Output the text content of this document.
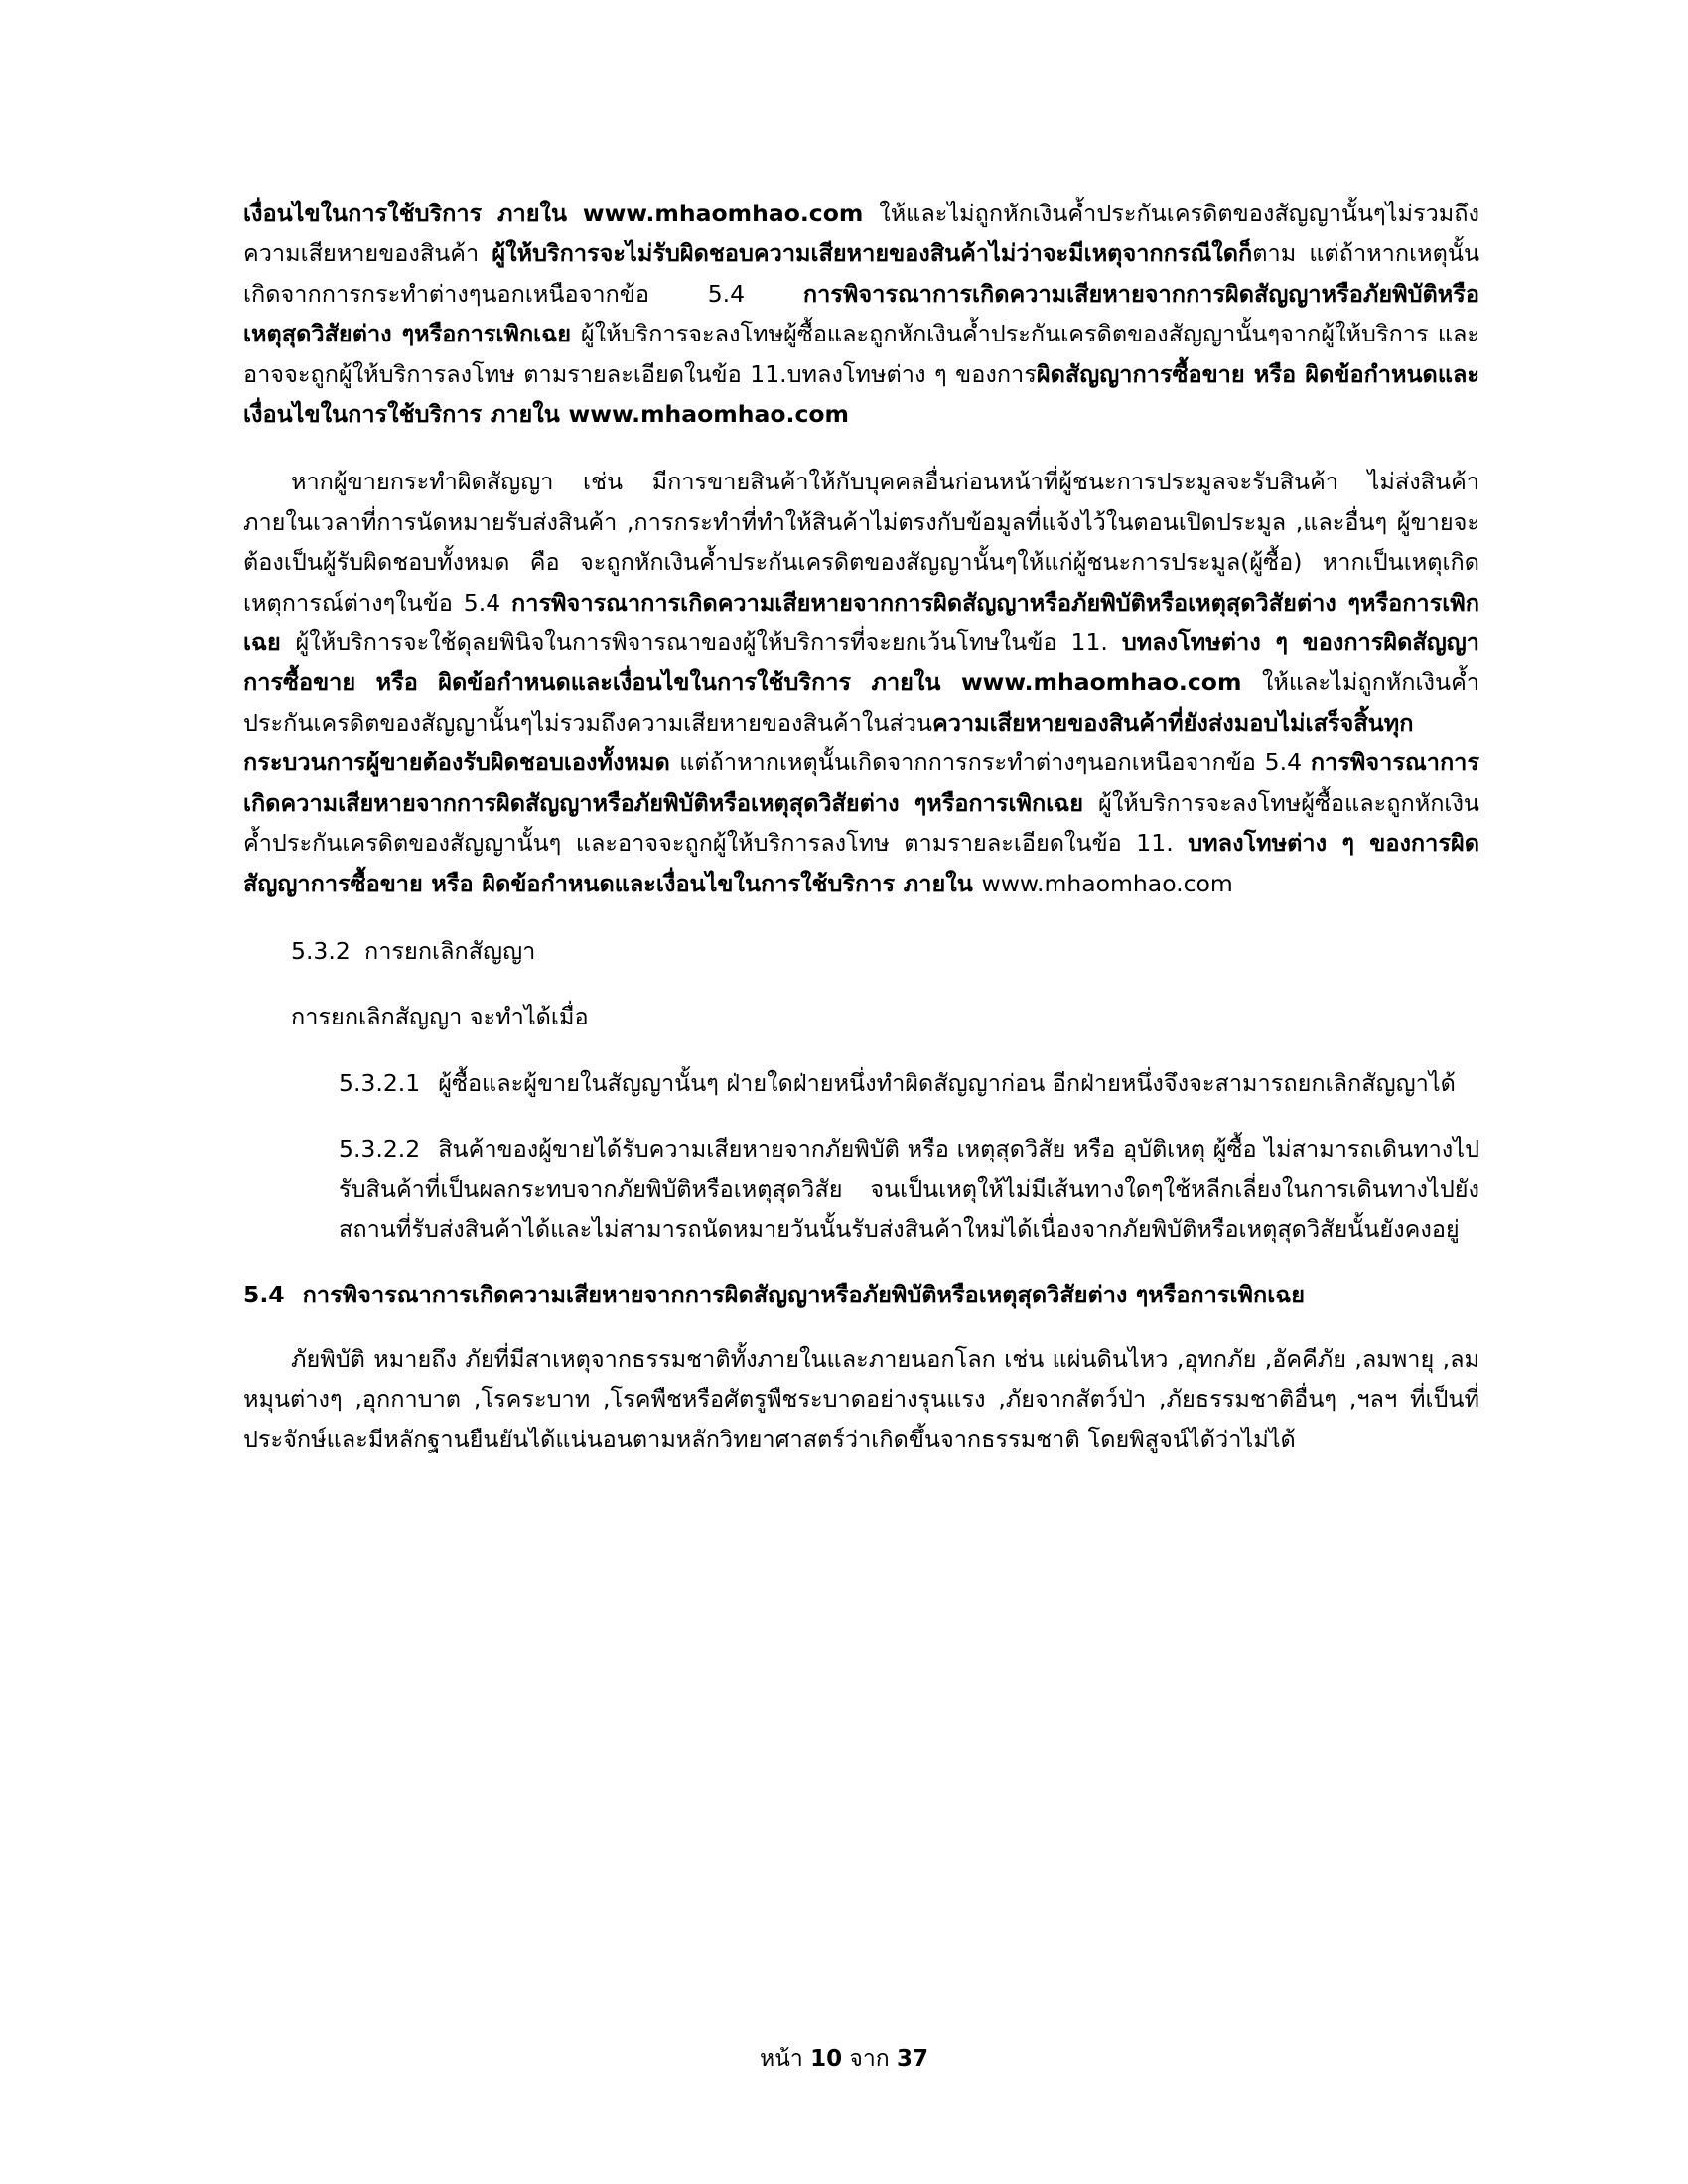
เงื่อนไขในการใช้บริการ ภายใน www.mhaomhao.com ให้และไม่ถูกหักเงินค้ำประกันเครดิตของสัญญานั้นๆไม่รวมถึงความเสียหายของสินค้า ผู้ให้บริการจะไม่รับผิดชอบความเสียหายของสินค้าไม่ว่าจะมีเหตุจากกรณีใดก็ตาม แต่ถ้าหากเหตุนั้นเกิดจากการกระทำต่างๆนอกเหนือจากข้อ 5.4 การพิจารณาการเกิดความเสียหายจากการผิดสัญญาหรือภัยพิบัติหรือเหตุสุดวิสัยต่าง ๆหรือการเพิกเฉย ผู้ให้บริการจะลงโทษผู้ซื้อและถูกหักเงินค้ำประกันเครดิตของสัญญานั้นๆจากผู้ให้บริการ และอาจจะถูกผู้ให้บริการลงโทษ ตามรายละเอียดในข้อ 11.บทลงโทษต่าง ๆ ของการผิดสัญญาการซื้อขาย หรือ ผิดข้อกำหนดและเงื่อนไขในการใช้บริการ ภายใน www.mhaomhao.com

หากผู้ขายกระทำผิดสัญญา เช่น มีการขายสินค้าให้กับบุคคลอื่นก่อนหน้าที่ผู้ชนะการประมูลจะรับสินค้า ไม่ส่งสินค้าภายในเวลาที่การนัดหมายรับส่งสินค้า ,การกระทำที่ทำให้สินค้าไม่ตรงกับข้อมูลที่แจ้งไว้ในตอนเปิดประมูล ,และอื่นๆ ผู้ขายจะต้องเป็นผู้รับผิดชอบทั้งหมด คือ จะถูกหักเงินค้ำประกันเครดิตของสัญญานั้นๆให้แก่ผู้ชนะการประมูล(ผู้ซื้อ) หากเป็นเหตุเกิดเหตุการณ์ต่างๆในข้อ 5.4 การพิจารณาการเกิดความเสียหายจากการผิดสัญญาหรือภัยพิบัติหรือเหตุสุดวิสัยต่าง ๆหรือการเพิกเฉย ผู้ให้บริการจะใช้ดุลยพินิจในการพิจารณาของผู้ให้บริการที่จะยกเว้นโทษในข้อ 11. บทลงโทษต่าง ๆ ของการผิดสัญญาการซื้อขาย หรือ ผิดข้อกำหนดและเงื่อนไขในการใช้บริการ ภายใน www.mhaomhao.com ให้และไม่ถูกหักเงินค้ำประกันเครดิตของสัญญานั้นๆไม่รวมถึงความเสียหายของสินค้าในส่วนความเสียหายของสินค้าที่ยังส่งมอบไม่เสร็จสิ้นทุกกระบวนการผู้ขายต้องรับผิดชอบเองทั้งหมด แต่ถ้าหากเหตุนั้นเกิดจากการกระทำต่างๆนอกเหนือจากข้อ 5.4 การพิจารณาการเกิดความเสียหายจากการผิดสัญญาหรือภัยพิบัติหรือเหตุสุดวิสัยต่าง ๆหรือการเพิกเฉย ผู้ให้บริการจะลงโทษผู้ซื้อและถูกหักเงินค้ำประกันเครดิตของสัญญานั้นๆ และอาจจะถูกผู้ให้บริการลงโทษ ตามรายละเอียดในข้อ 11. บทลงโทษต่าง ๆ ของการผิดสัญญาการซื้อขาย หรือ ผิดข้อกำหนดและเงื่อนไขในการใช้บริการ ภายใน www.mhaomhao.com

5.3.2 การยกเลิกสัญญา
การยกเลิกสัญญา จะทำได้เมื่อ
5.3.2.1 ผู้ซื้อและผู้ขายในสัญญานั้นๆ ฝ่ายใดฝ่ายหนึ่งทำผิดสัญญาก่อน อีกฝ่ายหนึ่งจึงจะสามารถยกเลิกสัญญาได้
5.3.2.2 สินค้าของผู้ขายได้รับความเสียหายจากภัยพิบัติ หรือ เหตุสุดวิสัย หรือ อุบัติเหตุ ผู้ซื้อ ไม่สามารถเดินทางไปรับสินค้าที่เป็นผลกระทบจากภัยพิบัติหรือเหตุสุดวิสัย จนเป็นเหตุให้ไม่มีเส้นทางใดๆใช้หลีกเลี่ยงในการเดินทางไปยังสถานที่รับส่งสินค้าได้และไม่สามารถนัดหมายวันนั้นรับส่งสินค้าใหม่ได้เนื่องจากภัยพิบัติหรือเหตุสุดวิสัยนั้นยังคงอยู่
5.4 การพิจารณาการเกิดความเสียหายจากการผิดสัญญาหรือภัยพิบัติหรือเหตุสุดวิสัยต่าง ๆหรือการเพิกเฉย

ภัยพิบัติ หมายถึง ภัยที่มีสาเหตุจากธรรมชาติทั้งภายในและภายนอกโลก เช่น แผ่นดินไหว ,อุทกภัย ,อัคคีภัย ,ลมพายุ ,ลมหมุนต่างๆ ,อุกกาบาต ,โรคระบาท ,โรคพืชหรือศัตรูพืชระบาดอย่างรุนแรง ,ภัยจากสัตว์ป่า ,ภัยธรรมชาติอื่นๆ ,ฯลฯ ที่เป็นที่ประจักษ์และมีหลักฐานยืนยันได้แน่นอนตามหลักวิทยาศาสตร์ว่าเกิดขึ้นจากธรรมชาติ โดยพิสูจน์ได้ว่าไม่ได้

หน้า 10 จาก 37
